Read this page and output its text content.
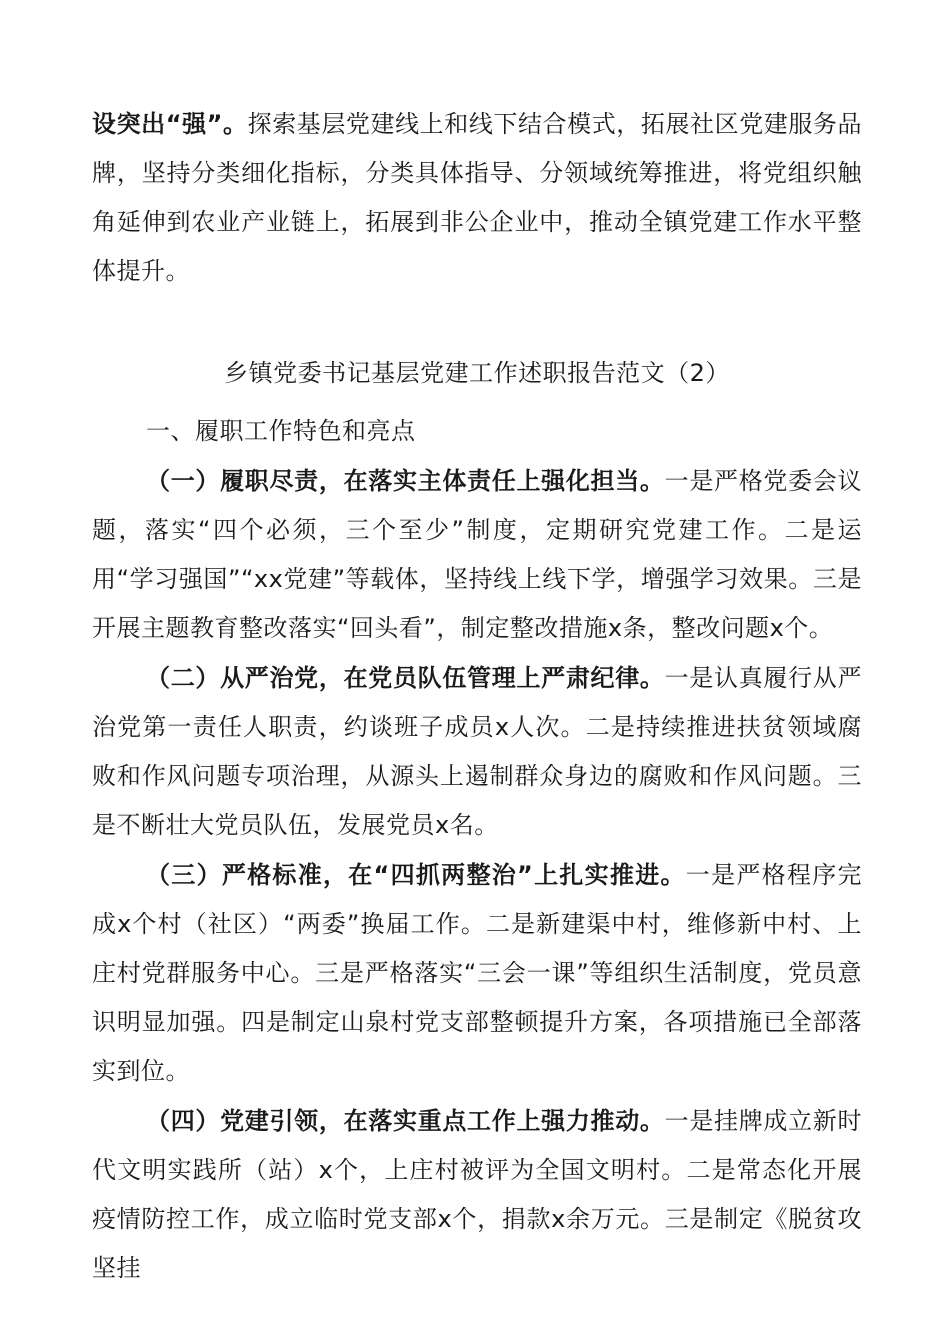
设突出“强”。探索基层党建线上和线下结合模式，拓展社区党建服务品牌，坚持分类细化指标，分类具体指导、分领域统筹推进，将党组织触角延伸到农业产业链上，拓展到非公企业中，推动全镇党建工作水平整体提升。
乡镇党委书记基层党建工作述职报告范文（2）
一、履职工作特色和亮点
（一）履职尽责，在落实主体责任上强化担当。一是严格党委会议题，落实“四个必须，三个至少”制度，定期研究党建工作。二是运用“学习强国”“xx党建”等载体，坚持线上线下学，增强学习效果。三是开展主题教育整改落实“回头看”，制定整改措施x条，整改问题x个。
（二）从严治党，在党员队伍管理上严肃纪律。一是认真履行从严治党第一责任人职责，约谈班子成员x人次。二是持续推进扶贫领域腐败和作风问题专项治理，从源头上遏制群众身边的腐败和作风问题。三是不断壮大党员队伍，发展党员x名。
（三）严格标准，在“四抓两整治”上扎实推进。一是严格程序完成x个村（社区）“两委”换届工作。二是新建渠中村，维修新中村、上庄村党群服务中心。三是严格落实“三会一课”等组织生活制度，党员意识明显加强。四是制定山泉村党支部整顿提升方案，各项措施已全部落实到位。
（四）党建引领，在落实重点工作上强力推动。一是挂牌成立新时代文明实践所（站）x个，上庄村被评为全国文明村。二是常态化开展疫情防控工作，成立临时党支部x个，捐款x余万元。三是制定《脱贫攻坚挂
